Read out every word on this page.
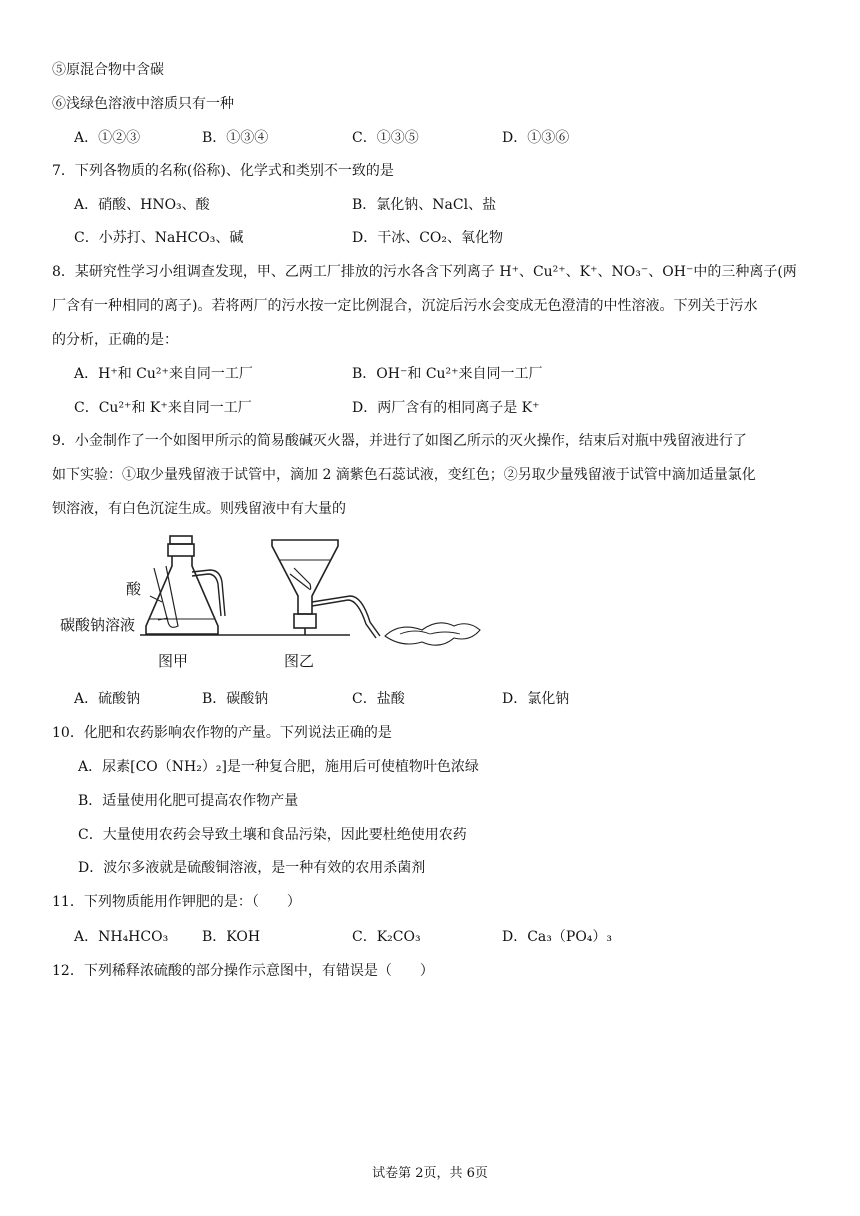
⑤原混合物中含碳
⑥浅绿色溶液中溶质只有一种
A．①②③	B．①③④	C．①③⑤	D．①③⑥
7．下列各物质的名称(俗称)、化学式和类别不一致的是
A．硝酸、HNO₃、酸	B．氯化钠、NaCl、盐
C．小苏打、NaHCO₃、碱	D．干冰、CO₂、氧化物
8．某研究性学习小组调查发现，甲、乙两工厂排放的污水各含下列离子 H⁺、Cu²⁺、K⁺、NO₃⁻、OH⁻中的三种离子(两
厂含有一种相同的离子)。若将两厂的污水按一定比例混合，沉淀后污水会变成无色澄清的中性溶液。下列关于污水
的分析，正确的是：
A．H⁺和 Cu²⁺来自同一工厂	B．OH⁻和 Cu²⁺来自同一工厂
C．Cu²⁺和 K⁺来自同一工厂	D．两厂含有的相同离子是 K⁺
9．小金制作了一个如图甲所示的简易酸碱灭火器，并进行了如图乙所示的灭火操作，结束后对瓶中残留液进行了
如下实验：①取少量残留液于试管中，滴加 2 滴紫色石蕊试液，变红色；②另取少量残留液于试管中滴加适量氯化
钡溶液，有白色沉淀生成。则残留液中有大量的
酸
碳酸钠溶液
图甲	图乙
A．硫酸钠	B．碳酸钠	C．盐酸	D．氯化钠
10．化肥和农药影响农作物的产量。下列说法正确的是
A．尿素[CO（NH₂）₂]是一种复合肥，施用后可使植物叶色浓绿
B．适量使用化肥可提高农作物产量
C．大量使用农药会导致土壤和食品污染，因此要杜绝使用农药
D．波尔多液就是硫酸铜溶液，是一种有效的农用杀菌剂
11．下列物质能用作钾肥的是：（　　）
A．NH₄HCO₃ B．KOH	C．K₂CO₃	D．Ca₃（PO₄）₃
12．下列稀释浓硫酸的部分操作示意图中，有错误是（　　）
试卷第 2页，共 6页
